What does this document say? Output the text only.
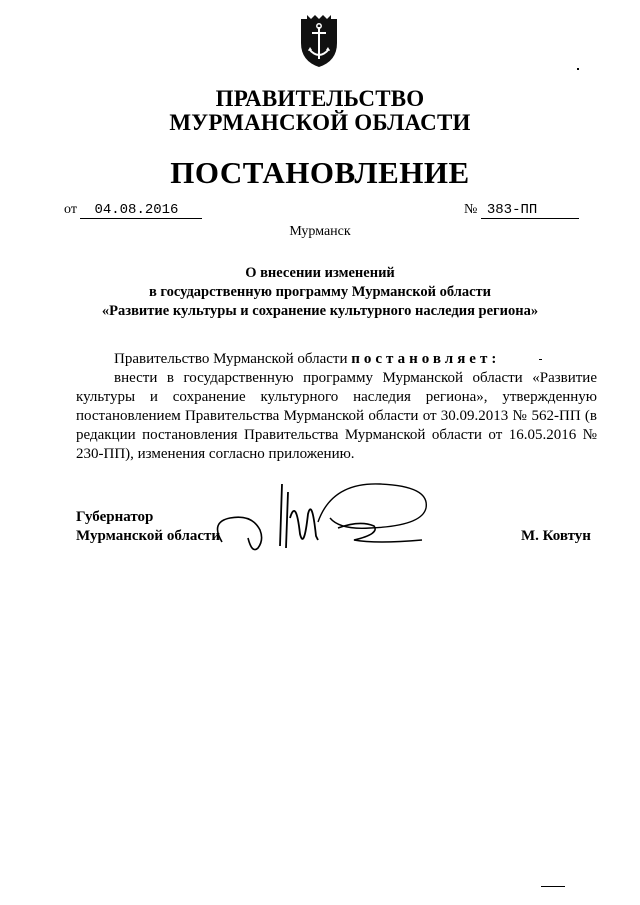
ПРАВИТЕЛЬСТВО
МУРМАНСКОЙ ОБЛАСТИ
ПОСТАНОВЛЕНИЕ
от 04.08.2016	№ 383-ПП
Мурманск
О внесении изменений
в государственную программу Мурманской области
«Развитие культуры и сохранение культурного наследия региона»

Правительство Мурманской области постановляет:

внести в государственную программу Мурманской области «Развитие культуры и сохранение культурного наследия региона», утвержденную постановлением Правительства Мурманской области от 30.09.2013 № 562-ПП (в редакции постановления Правительства Мурманской области от 16.05.2016 № 230-ПП), изменения согласно приложению.

Губернатор
Мурманской области	М. Ковтун
